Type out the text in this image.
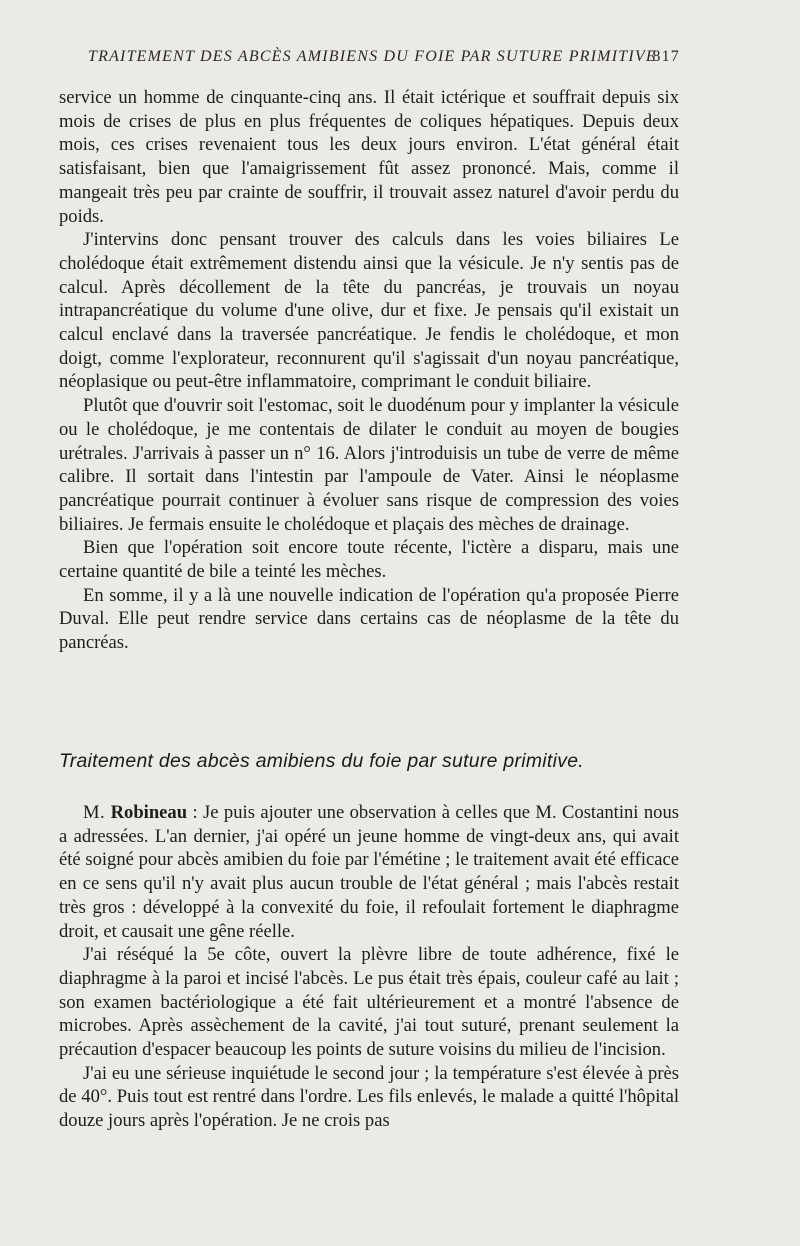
TRAITEMENT DES ABCÈS AMIBIENS DU FOIE PAR SUTURE PRIMITIVE
817

service un homme de cinquante-cinq ans. Il était ictérique et souffrait depuis six mois de crises de plus en plus fréquentes de coliques hépatiques. Depuis deux mois, ces crises revenaient tous les deux jours environ. L'état général était satisfaisant, bien que l'amaigrissement fût assez prononcé. Mais, comme il mangeait très peu par crainte de souffrir, il trouvait assez naturel d'avoir perdu du poids.

J'intervins donc pensant trouver des calculs dans les voies biliaires Le cholédoque était extrêmement distendu ainsi que la vésicule. Je n'y sentis pas de calcul. Après décollement de la tête du pancréas, je trouvais un noyau intrapancréatique du volume d'une olive, dur et fixe. Je pensais qu'il existait un calcul enclavé dans la traversée pancréatique. Je fendis le cholédoque, et mon doigt, comme l'explorateur, reconnurent qu'il s'agissait d'un noyau pancréatique, néoplasique ou peut-être inflammatoire, comprimant le conduit biliaire.

Plutôt que d'ouvrir soit l'estomac, soit le duodénum pour y implanter la vésicule ou le cholédoque, je me contentais de dilater le conduit au moyen de bougies urétrales. J'arrivais à passer un n° 16. Alors j'introduisis un tube de verre de même calibre. Il sortait dans l'intestin par l'ampoule de Vater. Ainsi le néoplasme pancréatique pourrait continuer à évoluer sans risque de compression des voies biliaires. Je fermais ensuite le cholédoque et plaçais des mèches de drainage.

Bien que l'opération soit encore toute récente, l'ictère a disparu, mais une certaine quantité de bile a teinté les mèches.

En somme, il y a là une nouvelle indication de l'opération qu'a proposée Pierre Duval. Elle peut rendre service dans certains cas de néoplasme de la tête du pancréas.

Traitement des abcès amibiens du foie par suture primitive.

M. Robineau : Je puis ajouter une observation à celles que M. Costantini nous a adressées. L'an dernier, j'ai opéré un jeune homme de vingt-deux ans, qui avait été soigné pour abcès amibien du foie par l'émétine ; le traitement avait été efficace en ce sens qu'il n'y avait plus aucun trouble de l'état général ; mais l'abcès restait très gros : développé à la convexité du foie, il refoulait fortement le diaphragme droit, et causait une gêne réelle.

J'ai réséqué la 5e côte, ouvert la plèvre libre de toute adhérence, fixé le diaphragme à la paroi et incisé l'abcès. Le pus était très épais, couleur café au lait ; son examen bactériologique a été fait ultérieurement et a montré l'absence de microbes. Après assèchement de la cavité, j'ai tout suturé, prenant seulement la précaution d'espacer beaucoup les points de suture voisins du milieu de l'incision.

J'ai eu une sérieuse inquiétude le second jour ; la température s'est élevée à près de 40°. Puis tout est rentré dans l'ordre. Les fils enlevés, le malade a quitté l'hôpital douze jours après l'opération. Je ne crois pas
